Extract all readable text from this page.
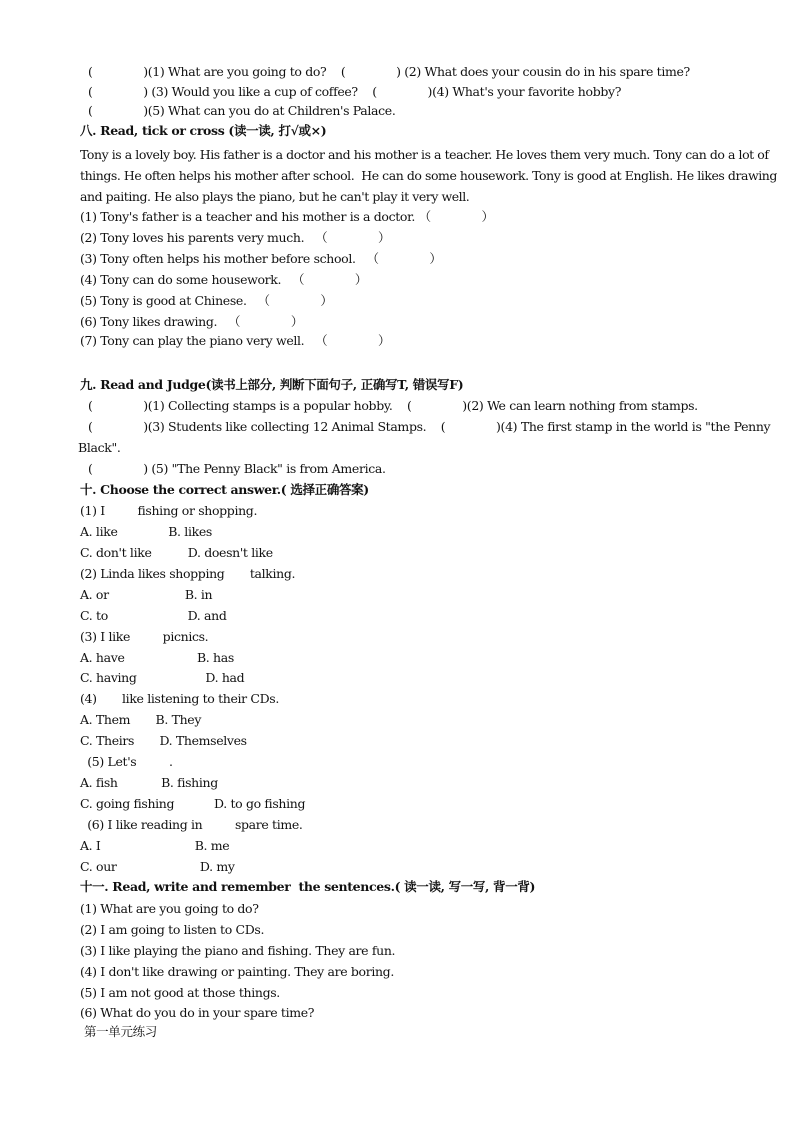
(              )(1) What are you going to do?    (              ) (2) What does your cousin do in his spare time?
(              ) (3) Would you like a cup of coffee?    (              )(4) What's your favorite hobby?
(              )(5) What can you do at Children's Palace.
八. Read, tick or cross (读一读, 打√或×)
Tony is a lovely boy. His father is a doctor and his mother is a teacher. He loves them very much. Tony can do a lot of
things. He often helps his mother after school.  He can do some housework. Tony is good at English. He likes drawing
and paiting. He also plays the piano, but he can't play it very well.
(1) Tony's father is a teacher and his mother is a doctor. （              ）
(2) Tony loves his parents very much.   （              ）
(3) Tony often helps his mother before school.   （              ）
(4) Tony can do some housework.   （              ）
(5) Tony is good at Chinese.   （              ）
(6) Tony likes drawing.   （              ）
(7) Tony can play the piano very well.   （              ）
九. Read and Judge(读书上部分, 判断下面句子, 正确写T, 错误写F)
(              )(1) Collecting stamps is a popular hobby.    (              )(2) We can learn nothing from stamps.
(              )(3) Students like collecting 12 Animal Stamps.    (              )(4) The first stamp in the world is "the Penny
Black".
(              ) (5) "The Penny Black" is from America.
十. Choose the correct answer.( 选择正确答案)
(1) I         fishing or shopping.
A. like              B. likes
C. don't like          D. doesn't like
(2) Linda likes shopping       talking.
A. or                     B. in
C. to                      D. and
(3) I like         picnics.
A. have                    B. has
C. having                   D. had
(4)       like listening to their CDs.
A. Them       B. They
C. Theirs       D. Themselves
(5) Let's         .
A. fish            B. fishing
C. going fishing           D. to go fishing
(6) I like reading in         spare time.
A. I                          B. me
C. our                       D. my
十一. Read, write and remember  the sentences.( 读一读, 写一写, 背一背)
(1) What are you going to do?
(2) I am going to listen to CDs.
(3) I like playing the piano and fishing. They are fun.
(4) I don't like drawing or painting. They are boring.
(5) I am not good at those things.
(6) What do you do in your spare time?
第一单元练习
